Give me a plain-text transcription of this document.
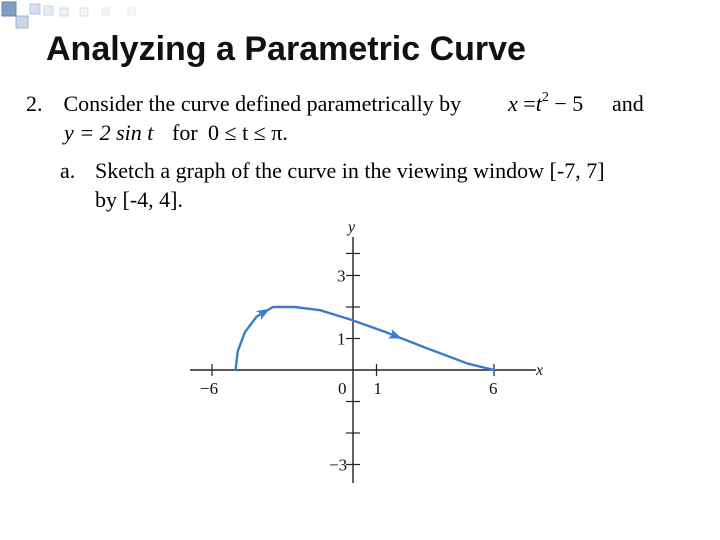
Analyzing a Parametric Curve
2. Consider the curve defined parametrically by $x =t^2 - 5$ and
y = 2 sin t for 0 ≤ t ≤ π.
a. Sketch a graph of the curve in the viewing window [-7, 7]
by [-4, 4].
−6	0 1	6
3
1
−3
x
y
